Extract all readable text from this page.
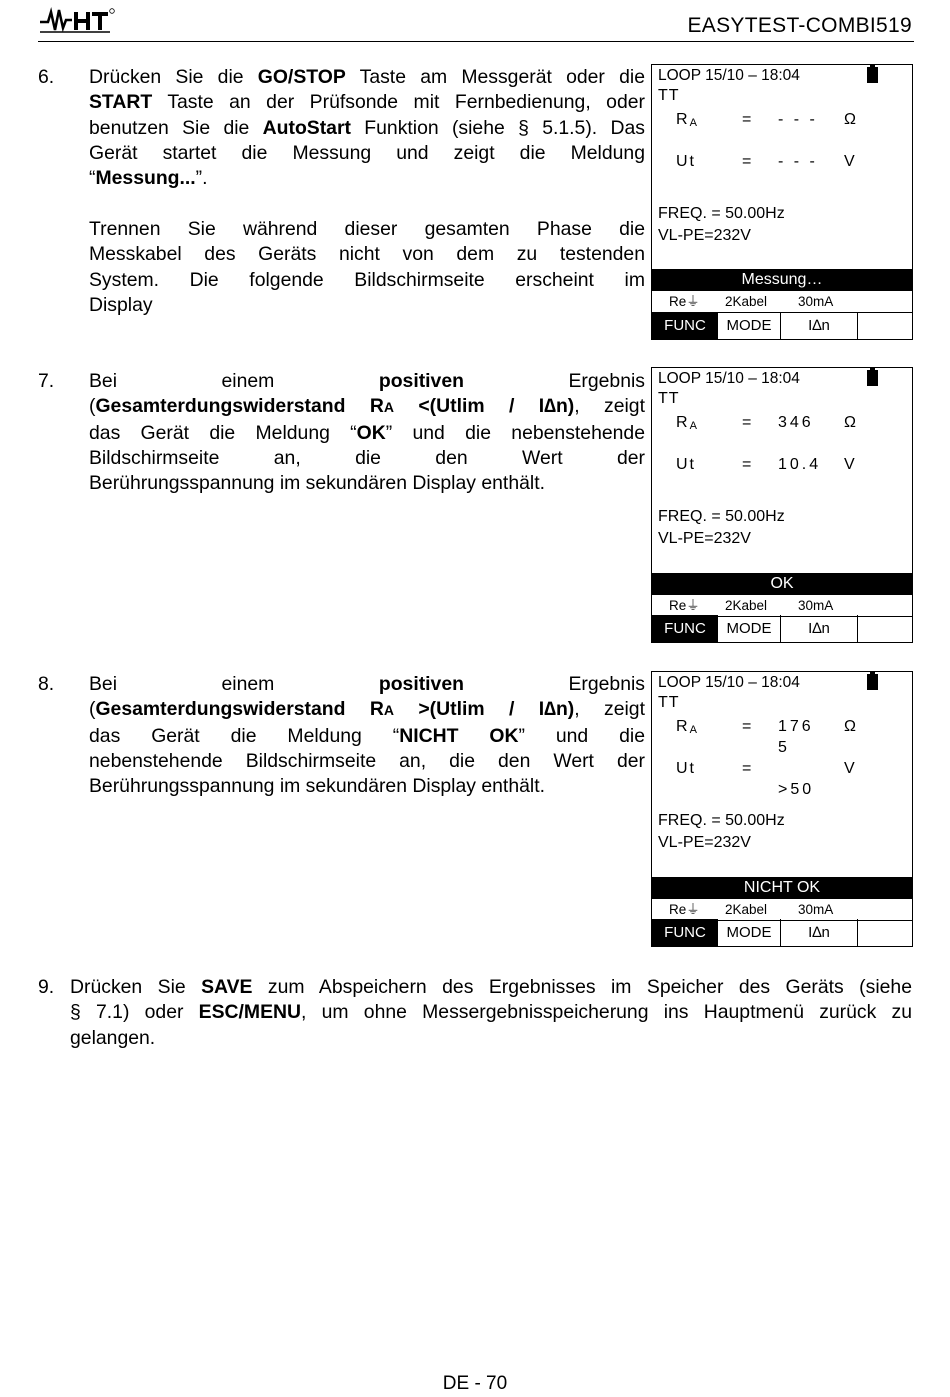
EASYTEST-COMBI519
6. Drücken Sie die GO/STOP Taste am Messgerät oder die
START Taste an der Prüfsonde mit Fernbedienung, oder
benutzen Sie die AutoStart Funktion (siehe § 5.1.5). Das
Gerät startet die Messung und zeigt die Meldung
“Messung...”.
Trennen Sie während dieser gesamten Phase die
Messkabel des Geräts nicht von dem zu testenden
System. Die folgende Bildschirmseite erscheint im
Display
7. Bei einem positiven Ergebnis
(Gesamterdungswiderstand RA <(Utlim / I∆n), zeigt
das Gerät die Meldung “OK” und die nebenstehende
Bildschirmseite an, die den Wert der
Berührungsspannung im sekundären Display enthält.
8. Bei einem positiven Ergebnis
(Gesamterdungswiderstand RA >(Utlim / I∆n), zeigt
das Gerät die Meldung “NICHT OK” und die
nebenstehende Bildschirmseite an, die den Wert der
Berührungsspannung im sekundären Display enthält.
9. Drücken Sie SAVE zum Abspeichern des Ergebnisses im Speicher des Geräts (siehe
§ 7.1) oder ESC/MENU, um ohne Messergebnisspeicherung ins Hauptmenü zurück zu
gelangen.
LOOP 15/10 – 18:04
TT
$R_A$	= - - - Ω
Ut	= - - - V
FREQ. = 50.00Hz
VL-PE=232V
Messung…
Re⏚ 2Kabel 30mA
FUNC	MODE	I∆n
LOOP 15/10 – 18:04
TT
$R_A$	= 346 Ω
Ut	= 10.4 V
FREQ. = 50.00Hz
VL-PE=232V
OK
Re⏚ 2Kabel 30mA
FUNC	MODE	I∆n
LOOP 15/10 – 18:04
TT
$R_A$	= 176 Ω
5
Ut	=	V
>50
FREQ. = 50.00Hz
VL-PE=232V
NICHT OK
Re⏚ 2Kabel 30mA
FUNC	MODE	I∆n
DE - 70
